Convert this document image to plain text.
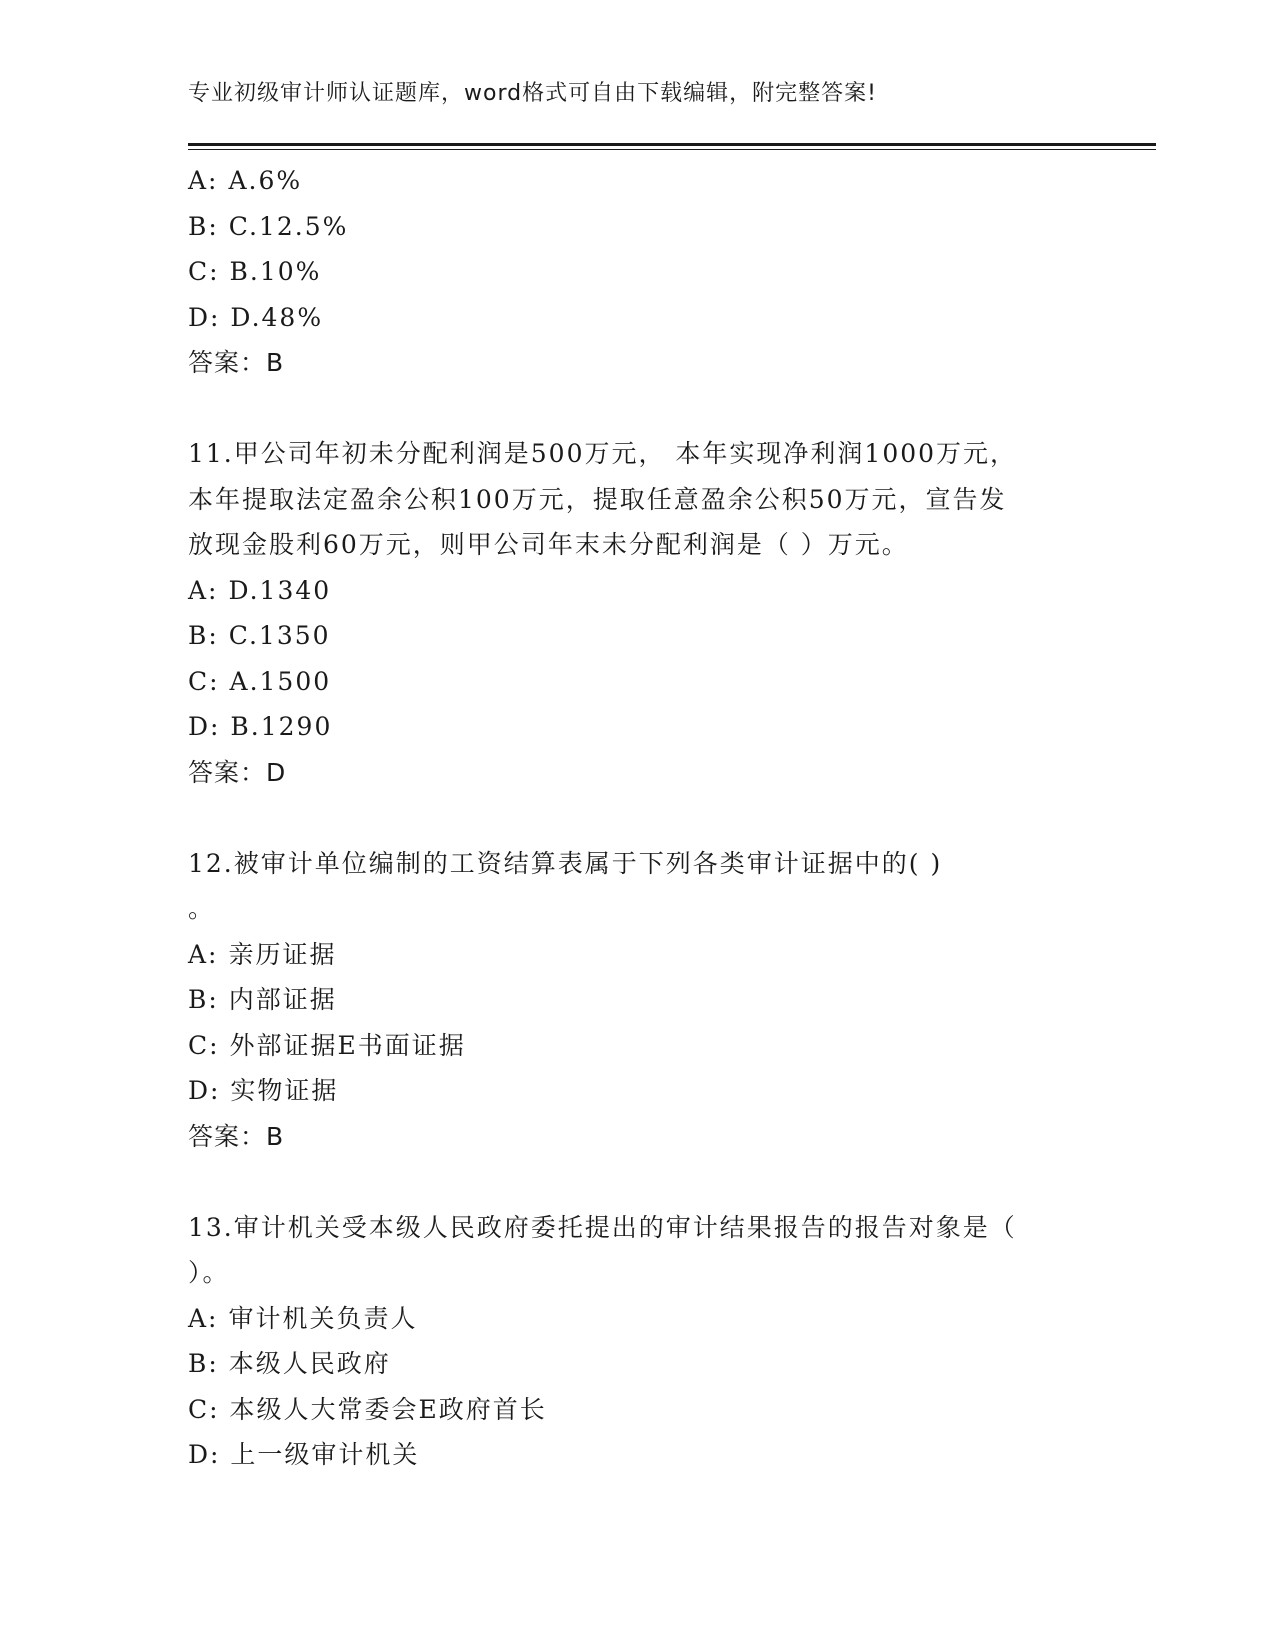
专业初级审计师认证题库，word格式可自由下载编辑，附完整答案!
A: A.6%
B: C.12.5%
C: B.10%
D: D.48%
答案：B
11.甲公司年初未分配利润是500万元， 本年实现净利润1000万元，
本年提取法定盈余公积100万元，提取任意盈余公积50万元，宣告发
放现金股利60万元，则甲公司年末未分配利润是（ ）万元。
A: D.1340
B: C.1350
C: A.1500
D: B.1290
答案：D
12.被审计单位编制的工资结算表属于下列各类审计证据中的( )
。
A: 亲历证据
B: 内部证据
C: 外部证据E书面证据
D: 实物证据
答案：B
13.审计机关受本级人民政府委托提出的审计结果报告的报告对象是（
）。
A: 审计机关负责人
B: 本级人民政府
C: 本级人大常委会E政府首长
D: 上一级审计机关
